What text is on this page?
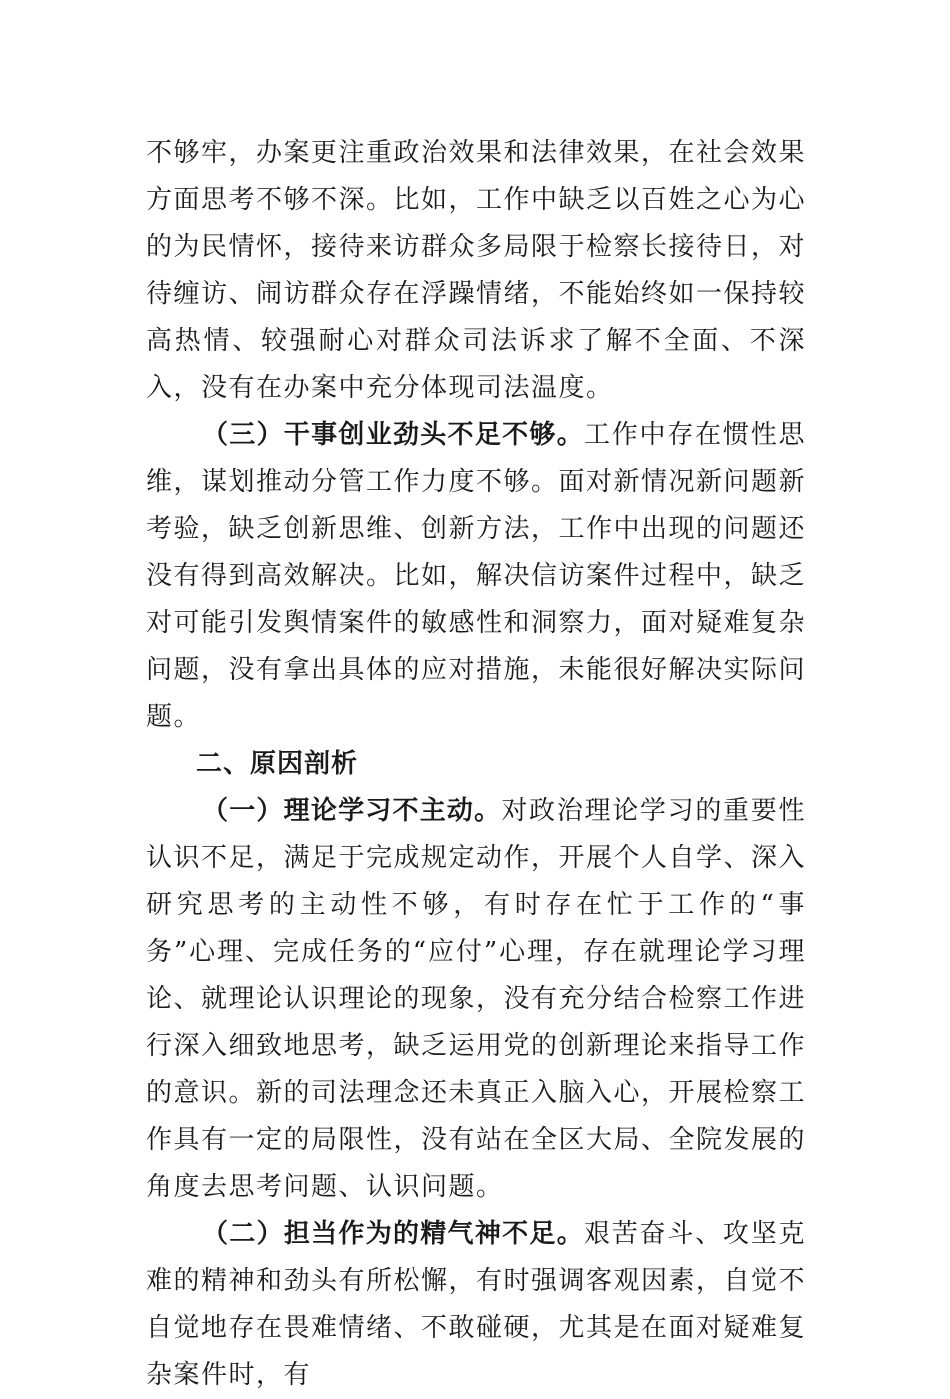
不够牢，办案更注重政治效果和法律效果，在社会效果方面思考不够不深。比如，工作中缺乏以百姓之心为心的为民情怀，接待来访群众多局限于检察长接待日，对待缠访、闹访群众存在浮躁情绪，不能始终如一保持较高热情、较强耐心对群众司法诉求了解不全面、不深入，没有在办案中充分体现司法温度。

（三）干事创业劲头不足不够。工作中存在惯性思维，谋划推动分管工作力度不够。面对新情况新问题新考验，缺乏创新思维、创新方法，工作中出现的问题还没有得到高效解决。比如，解决信访案件过程中，缺乏对可能引发舆情案件的敏感性和洞察力，面对疑难复杂问题，没有拿出具体的应对措施，未能很好解决实际问题。

二、原因剖析

（一）理论学习不主动。对政治理论学习的重要性认识不足，满足于完成规定动作，开展个人自学、深入研究思考的主动性不够，有时存在忙于工作的“事务”心理、完成任务的“应付”心理，存在就理论学习理论、就理论认识理论的现象，没有充分结合检察工作进行深入细致地思考，缺乏运用党的创新理论来指导工作的意识。新的司法理念还未真正入脑入心，开展检察工作具有一定的局限性，没有站在全区大局、全院发展的角度去思考问题、认识问题。

（二）担当作为的精气神不足。艰苦奋斗、攻坚克难的精神和劲头有所松懈，有时强调客观因素，自觉不自觉地存在畏难情绪、不敢碰硬，尤其是在面对疑难复杂案件时，有
